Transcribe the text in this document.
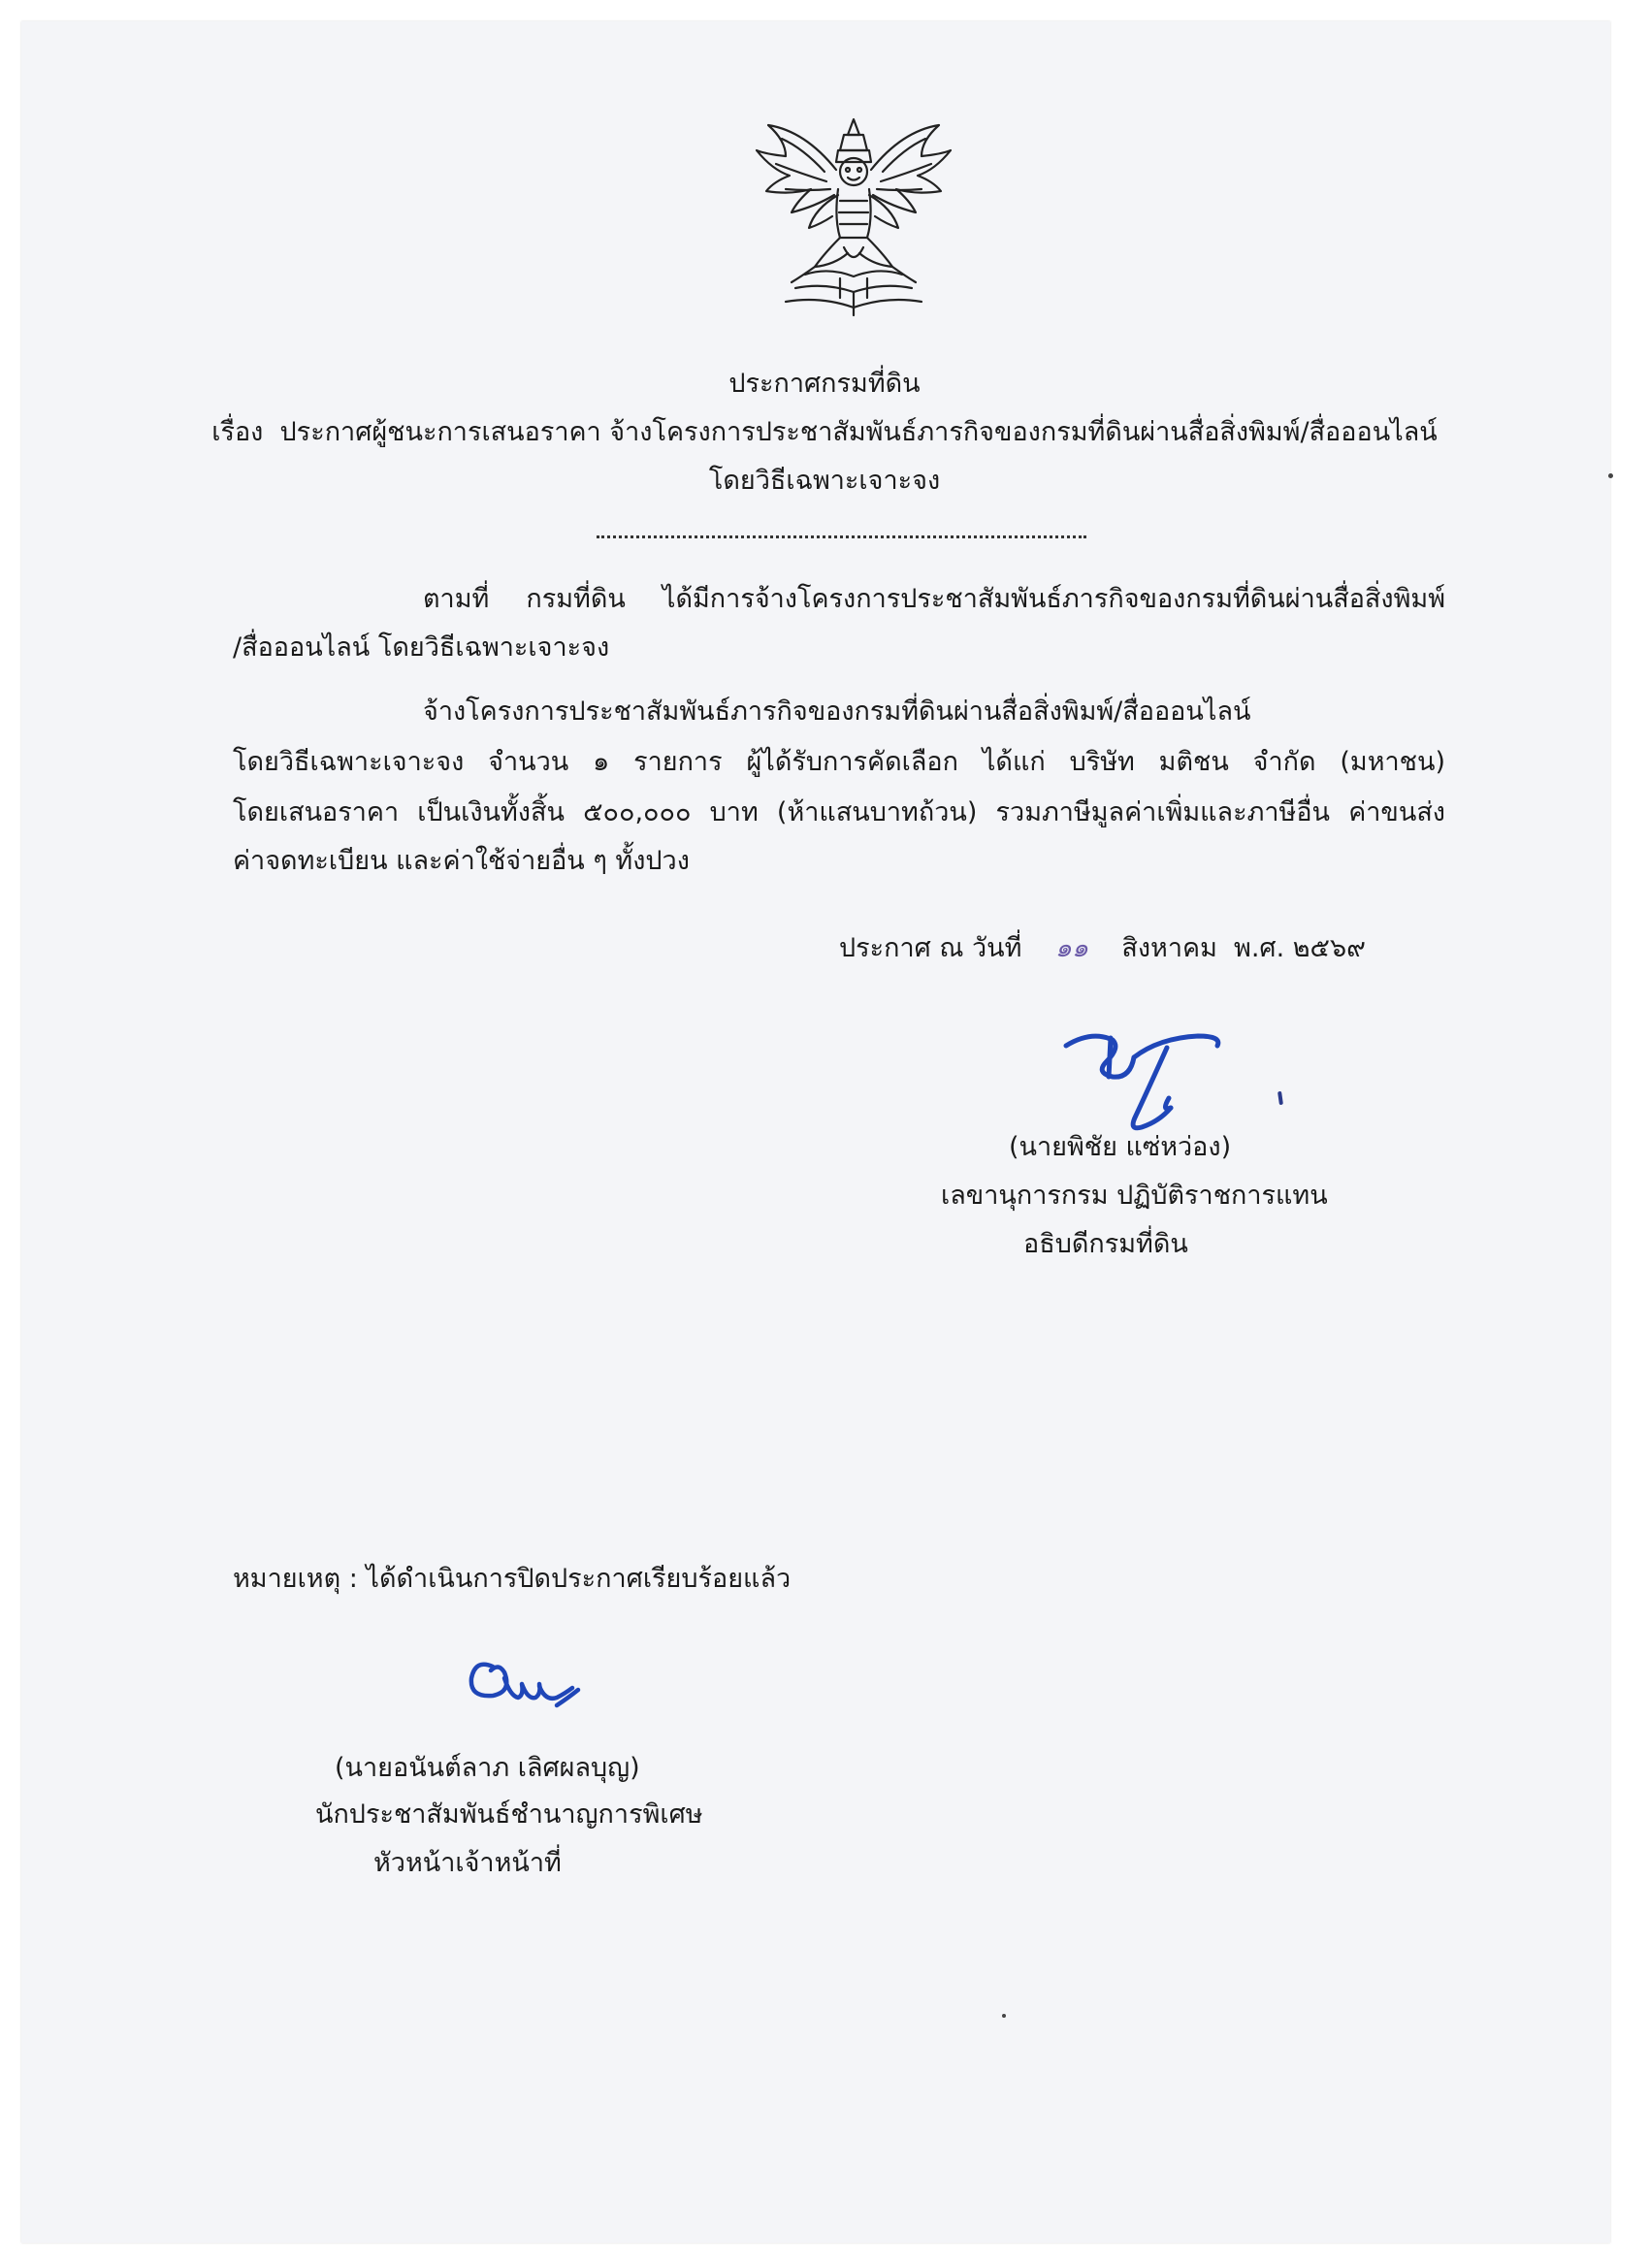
ประกาศกรมที่ดิน
เรื่อง ประกาศผู้ชนะการเสนอราคา จ้างโครงการประชาสัมพันธ์ภารกิจของกรมที่ดินผ่านสื่อสิ่งพิมพ์/สื่อออนไลน์
โดยวิธีเฉพาะเจาะจง
ตามที่ กรมที่ดิน ได้มีการจ้างโครงการประชาสัมพันธ์ภารกิจของกรมที่ดินผ่านสื่อสิ่งพิมพ์
/สื่อออนไลน์ โดยวิธีเฉพาะเจาะจง
จ้างโครงการประชาสัมพันธ์ภารกิจของกรมที่ดินผ่านสื่อสิ่งพิมพ์/สื่อออนไลน์
โดยวิธีเฉพาะเจาะจง จำนวน ๑ รายการ ผู้ได้รับการคัดเลือก ได้แก่ บริษัท มติชน จำกัด (มหาชน)
โดยเสนอราคา เป็นเงินทั้งสิ้น ๕๐๐,๐๐๐ บาท (ห้าแสนบาทถ้วน) รวมภาษีมูลค่าเพิ่มและภาษีอื่น ค่าขนส่ง
ค่าจดทะเบียน และค่าใช้จ่ายอื่น ๆ ทั้งปวง
ประกาศ ณ วันที่ ๑๑ สิงหาคม พ.ศ. ๒๕๖๙
(นายพิชัย แซ่หว่อง)
เลขานุการกรม ปฏิบัติราชการแทน
อธิบดีกรมที่ดิน
หมายเหตุ : ได้ดำเนินการปิดประกาศเรียบร้อยแล้ว
(นายอนันต์ลาภ เลิศผลบุญ)
นักประชาสัมพันธ์ชำนาญการพิเศษ
หัวหน้าเจ้าหน้าที่
